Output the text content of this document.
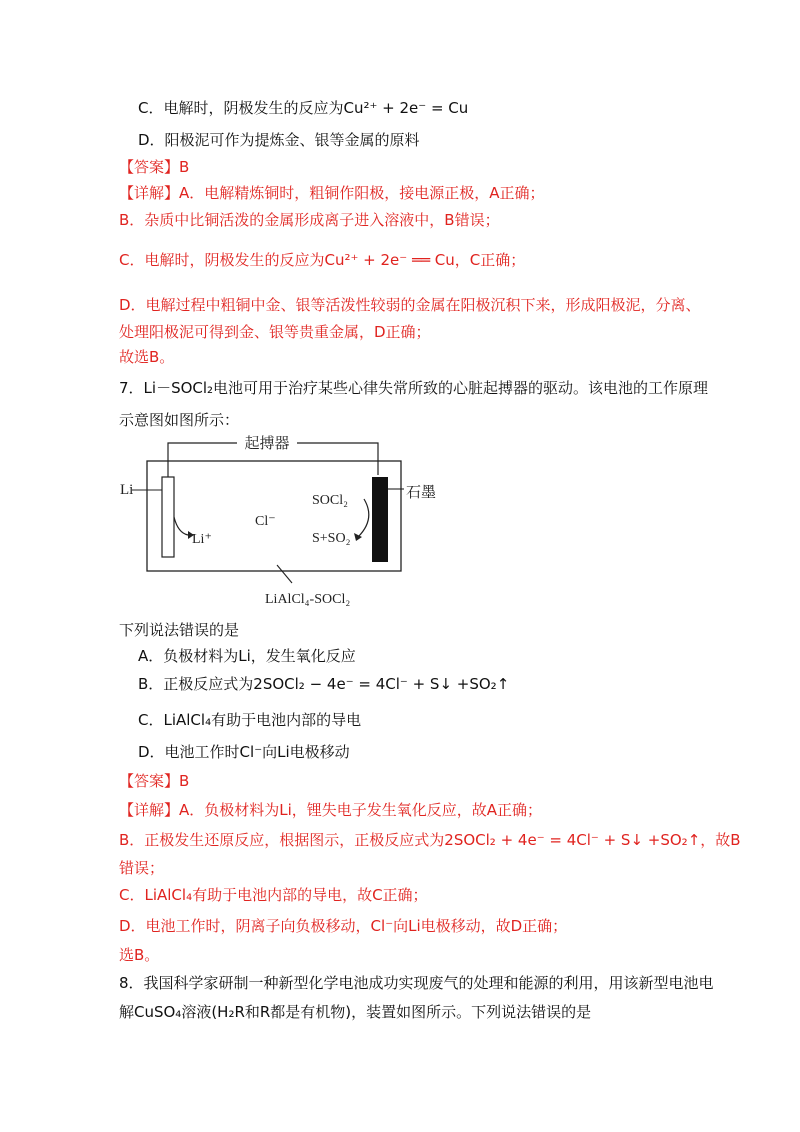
C．电解时，阴极发生的反应为Cu²⁺ + 2e⁻ = Cu
D．阳极泥可作为提炼金、银等金属的原料
【答案】B
【详解】A．电解精炼铜时，粗铜作阳极，接电源正极，A正确；
B．杂质中比铜活泼的金属形成离子进入溶液中，B错误；
C．电解时，阴极发生的反应为Cu²⁺ + 2e⁻ ══ Cu，C正确；
D．电解过程中粗铜中金、银等活泼性较弱的金属在阳极沉积下来，形成阳极泥，分离、
处理阳极泥可得到金、银等贵重金属，D正确；
故选B。
7．Li－SOCl₂电池可用于治疗某些心律失常所致的心脏起搏器的驱动。该电池的工作原理
示意图如图所示：
起搏器
Li	石墨
Li⁺
Cl⁻
SOCl₂
S+SO₂
LiAlCl₄-SOCl₂
下列说法错误的是
A．负极材料为Li，发生氧化反应
B．正极反应式为2SOCl₂ − 4e⁻ = 4Cl⁻ + S↓ +SO₂↑
C．LiAlCl₄有助于电池内部的导电
D．电池工作时Cl⁻向Li电极移动
【答案】B
【详解】A．负极材料为Li，锂失电子发生氧化反应，故A正确；
B．正极发生还原反应，根据图示，正极反应式为2SOCl₂ + 4e⁻ = 4Cl⁻ + S↓ +SO₂↑，故B
错误；
C．LiAlCl₄有助于电池内部的导电，故C正确；
D．电池工作时，阴离子向负极移动，Cl⁻向Li电极移动，故D正确；
选B。
8．我国科学家研制一种新型化学电池成功实现废气的处理和能源的利用，用该新型电池电
解CuSO₄溶液(H₂R和R都是有机物)，装置如图所示。下列说法错误的是
